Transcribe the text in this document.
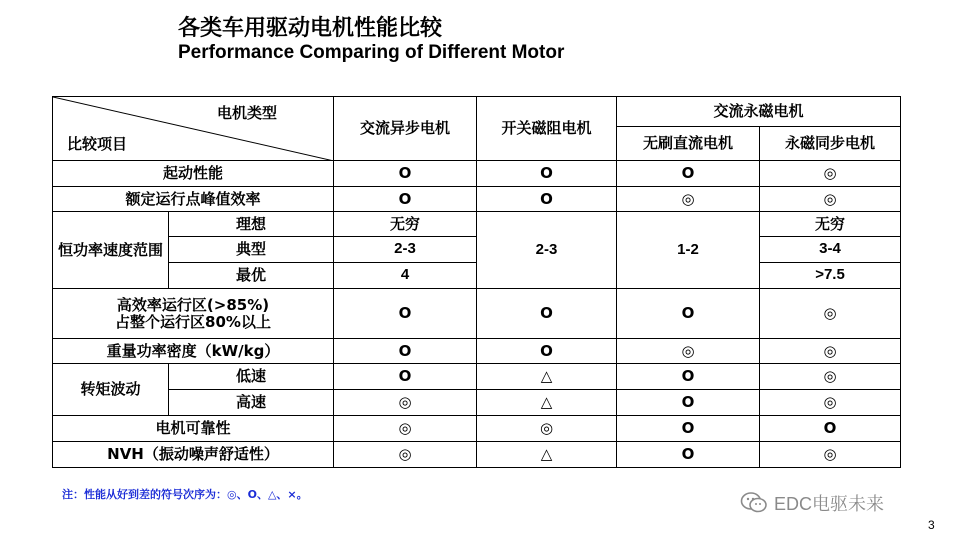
各类车用驱动电机性能比较
Performance Comparing of Different Motor
电机类型
比较项目		交流异步电机	开关磁阻电机	交流永磁电机	
				无刷直流电机	永磁同步电机
起动性能		O	O	O	◎
额定运行点峰值效率		O	O	◎	◎
恒功率速度范围	理想	无穷	2-3	1-2	无穷
	典型	2-3			3-4
	最优	4			>7.5
高效率运行区(>85%)
占整个运行区80%以上		O	O	O	◎
重量功率密度（kW/kg）		O	O	◎	◎
转矩波动	低速	O	△	O	◎
	高速	◎	△	O	◎
电机可靠性		◎	◎	O	O
NVH（振动噪声舒适性）		◎	△	O	◎
注：性能从好到差的符号次序为：◎、O、△、×。	EDC电驱未来
3
